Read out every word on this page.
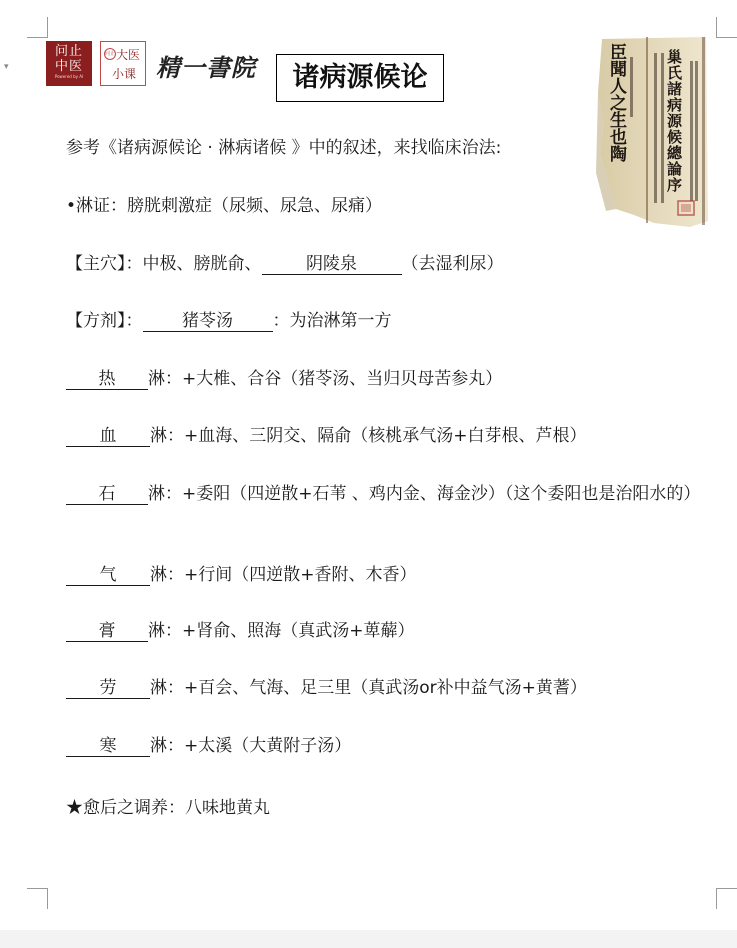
▾
问止
中医
Powered by AI
问止 大医
小课 精一書院	诸病源候论	巢氏諸病源候總論序
臣聞人之生也陶
参考《诸病源候论 · 淋病诸候 》中的叙述，来找临床治法:
•淋证：膀胱刺激症（尿频、尿急、尿痛）
【主穴】：中极、膀胱俞、	阴陵泉	（去湿利尿）
【方剂】： 猪苓汤 ：为治淋第一方
热 淋：+大椎、合谷（猪苓汤、当归贝母苦参丸）
血 淋：+血海、三阴交、隔俞（核桃承气汤+白芽根、芦根）
石 淋：+委阳（四逆散+石苇 、鸡内金、海金沙）（这个委阳也是治阳水的）
气 淋：+行间（四逆散+香附、木香）
膏 淋：+肾俞、照海（真武汤+萆薢）
劳 淋：+百会、气海、足三里（真武汤or补中益气汤+黄蓍）
寒 淋：+太溪（大黄附子汤）
★愈后之调养：八味地黄丸
